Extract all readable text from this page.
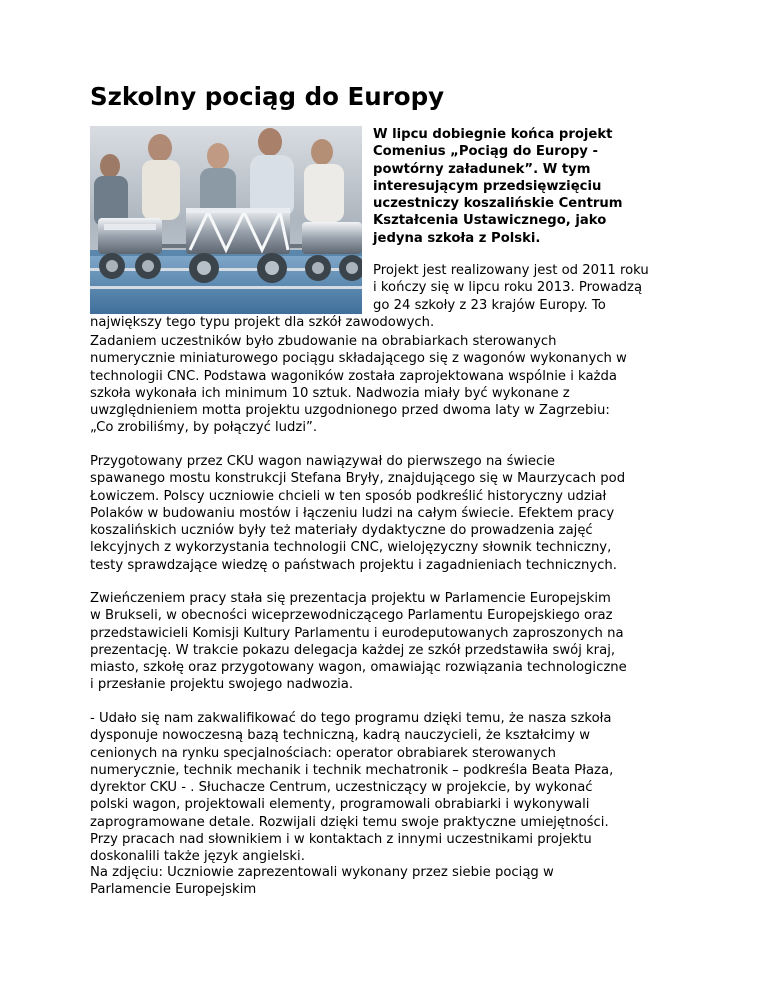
Szkolny pociąg do Europy
W lipcu dobiegnie końca projekt
Comenius „Pociąg do Europy -
powtórny załadunek”. W tym
interesującym przedsięwzięciu
uczestniczy koszalińskie Centrum
Kształcenia Ustawicznego, jako
jedyna szkoła z Polski.
Projekt jest realizowany jest od 2011 roku
i kończy się w lipcu roku 2013. Prowadzą
go 24 szkoły z 23 krajów Europy. To
największy tego typu projekt dla szkół zawodowych.
Zadaniem uczestników było zbudowanie na obrabiarkach sterowanych
numerycznie miniaturowego pociągu składającego się z wagonów wykonanych w
technologii CNC. Podstawa wagoników została zaprojektowana wspólnie i każda
szkoła wykonała ich minimum 10 sztuk. Nadwozia miały być wykonane z
uwzględnieniem motta projektu uzgodnionego przed dwoma laty w Zagrzebiu:
„Co zrobiliśmy, by połączyć ludzi”.
Przygotowany przez CKU wagon nawiązywał do pierwszego na świecie
spawanego mostu konstrukcji Stefana Bryły, znajdującego się w Maurzycach pod
Łowiczem. Polscy uczniowie chcieli w ten sposób podkreślić historyczny udział
Polaków w budowaniu mostów i łączeniu ludzi na całym świecie. Efektem pracy
koszalińskich uczniów były też materiały dydaktyczne do prowadzenia zajęć
lekcyjnych z wykorzystania technologii CNC, wielojęzyczny słownik techniczny,
testy sprawdzające wiedzę o państwach projektu i zagadnieniach technicznych.
Zwieńczeniem pracy stała się prezentacja projektu w Parlamencie Europejskim
w Brukseli, w obecności wiceprzewodniczącego Parlamentu Europejskiego oraz
przedstawicieli Komisji Kultury Parlamentu i eurodeputowanych zaproszonych na
prezentację. W trakcie pokazu delegacja każdej ze szkół przedstawiła swój kraj,
miasto, szkołę oraz przygotowany wagon, omawiając rozwiązania technologiczne
i przesłanie projektu swojego nadwozia.
- Udało się nam zakwalifikować do tego programu dzięki temu, że nasza szkoła
dysponuje nowoczesną bazą techniczną, kadrą nauczycieli, że kształcimy w
cenionych na rynku specjalnościach: operator obrabiarek sterowanych
numerycznie, technik mechanik i technik mechatronik – podkreśla Beata Płaza,
dyrektor CKU - . Słuchacze Centrum, uczestniczący w projekcie, by wykonać
polski wagon, projektowali elementy, programowali obrabiarki i wykonywali
zaprogramowane detale. Rozwijali dzięki temu swoje praktyczne umiejętności.
Przy pracach nad słownikiem i w kontaktach z innymi uczestnikami projektu
doskonalili także język angielski.
Na zdjęciu: Uczniowie zaprezentowali wykonany przez siebie pociąg w
Parlamencie Europejskim
